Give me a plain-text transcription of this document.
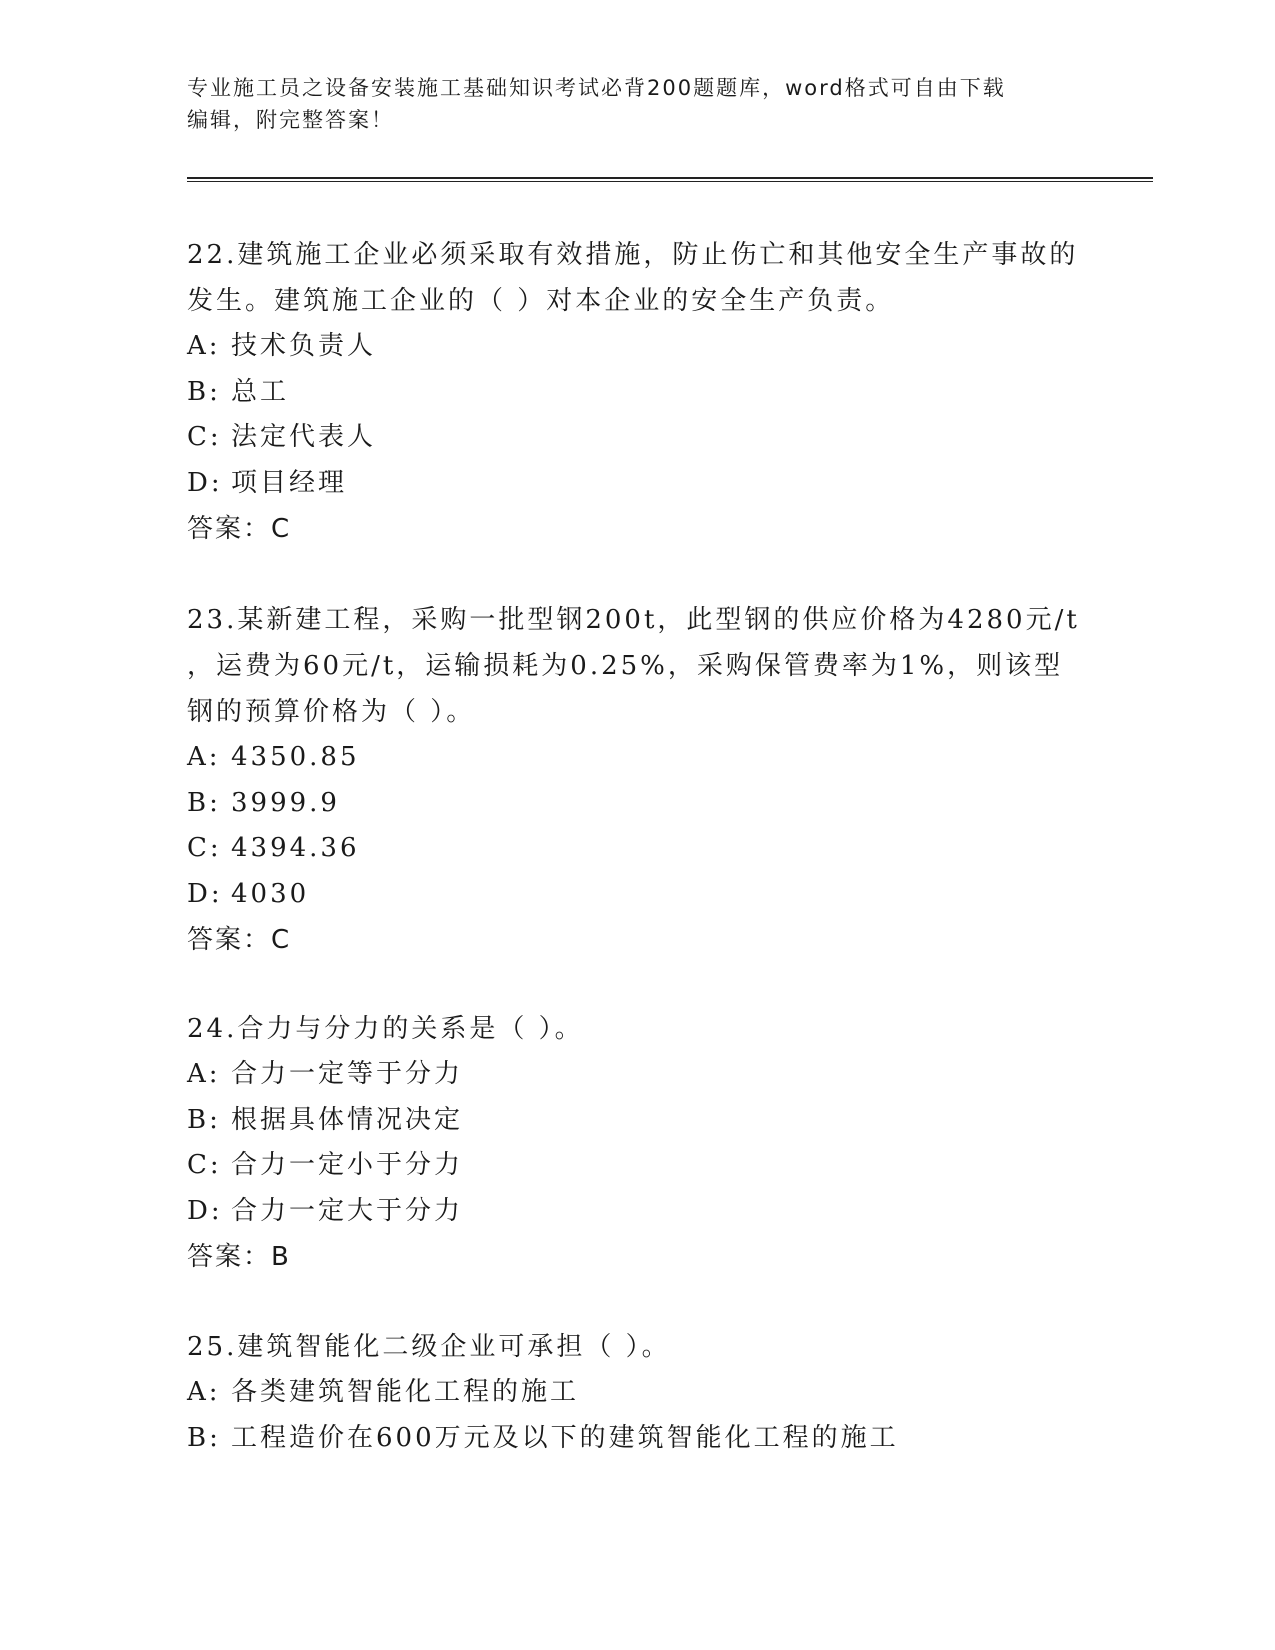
专业施工员之设备安装施工基础知识考试必背200题题库，word格式可自由下载
编辑，附完整答案！

22.建筑施工企业必须采取有效措施，防止伤亡和其他安全生产事故的

发生。建筑施工企业的（ ）对本企业的安全生产负责。

A: 技术负责人

B: 总工

C: 法定代表人

D: 项目经理

答案：C

23.某新建工程，采购一批型钢200t，此型钢的供应价格为4280元/t

，运费为60元/t，运输损耗为0.25%，采购保管费率为1%，则该型

钢的预算价格为（ ）。

A: 4350.85

B: 3999.9

C: 4394.36

D: 4030

答案：C

24.合力与分力的关系是（ ）。

A: 合力一定等于分力

B: 根据具体情况决定

C: 合力一定小于分力

D: 合力一定大于分力

答案：B

25.建筑智能化二级企业可承担（ ）。

A: 各类建筑智能化工程的施工

B: 工程造价在600万元及以下的建筑智能化工程的施工
